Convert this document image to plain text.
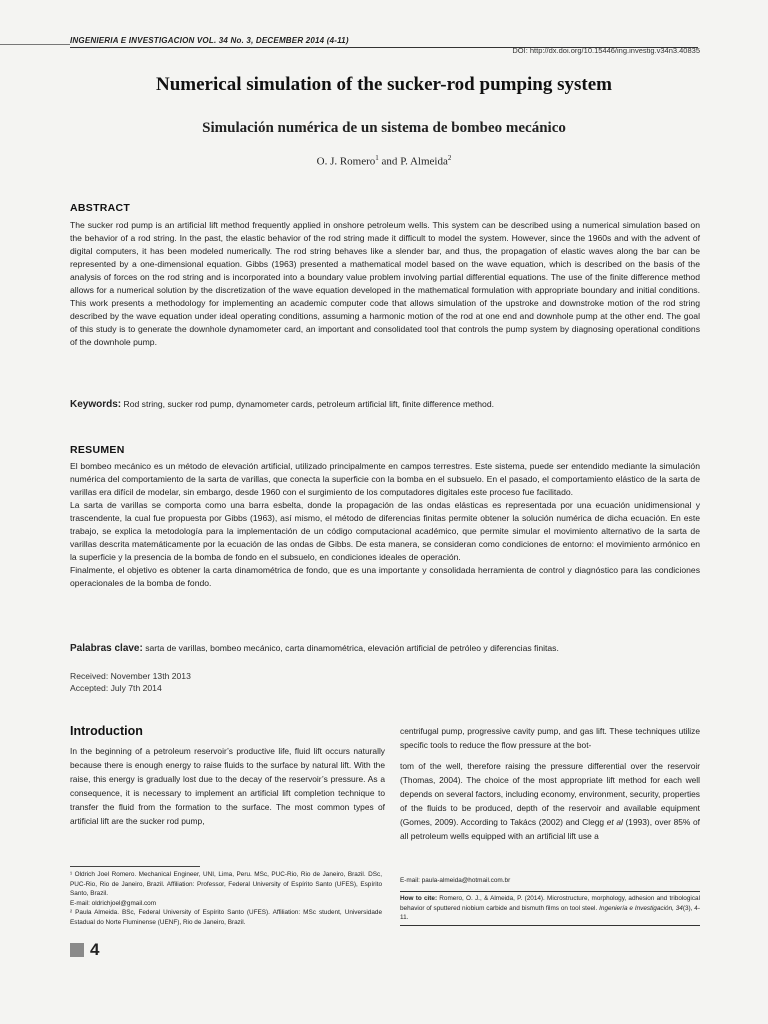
INGENIERIA E INVESTIGACION VOL. 34 No. 3, DECEMBER 2014 (4-11)
DOI: http://dx.doi.org/10.15446/ing.investig.v34n3.40835
Numerical simulation of the sucker-rod pumping system
Simulación numérica de un sistema de bombeo mecánico
O. J. Romero$^1$ and P. Almeida$^2$
ABSTRACT
The sucker rod pump is an artificial lift method frequently applied in onshore petroleum wells. This system can be described using a numerical simulation based on the behavior of a rod string. In the past, the elastic behavior of the rod string made it difficult to model the system. However, since the 1960s and with the advent of digital computers, it has been modeled numerically. The rod string behaves like a slender bar, and thus, the propagation of elastic waves along the bar can be represented by a one-dimensional equation. Gibbs (1963) presented a mathematical model based on the wave equation, which is described on the basis of the analysis of forces on the rod string and is incorporated into a boundary value problem involving partial differential equations. The use of the finite difference method allows for a numerical solution by the discretization of the wave equation developed in the mathematical formulation with appropriate boundary and initial conditions. This work presents a methodology for implementing an academic computer code that allows simulation of the upstroke and downstroke motion of the rod string described by the wave equation under ideal operating conditions, assuming a harmonic motion of the rod at one end and downhole pump at the other end. The goal of this study is to generate the downhole dynamometer card, an important and consolidated tool that controls the pump system by diagnosing operational conditions of the downhole pump.
Keywords: Rod string, sucker rod pump, dynamometer cards, petroleum artificial lift, finite difference method.
RESUMEN

El bombeo mecánico es un método de elevación artificial, utilizado principalmente en campos terrestres. Este sistema, puede ser entendido mediante la simulación numérica del comportamiento de la sarta de varillas, que conecta la superficie con la bomba en el subsuelo. En el pasado, el comportamiento elástico de la sarta de varillas era difícil de modelar, sin embargo, desde 1960 con el surgimiento de los computadores digitales este proceso fue facilitado.

La sarta de varillas se comporta como una barra esbelta, donde la propagación de las ondas elásticas es representada por una ecuación unidimensional y trascendente, la cual fue propuesta por Gibbs (1963), así mismo, el método de diferencias finitas permite obtener la solución numérica de dicha ecuación. En este trabajo, se explica la metodología para la implementación de un código computacional académico, que permite simular el movimiento alternativo de la sarta de varillas descrita matemáticamente por la ecuación de las ondas de Gibbs. De esta manera, se consideran como condiciones de entorno: el movimiento armónico en la superficie y la presencia de la bomba de fondo en el subsuelo, en condiciones ideales de operación.

Finalmente, el objetivo es obtener la carta dinamométrica de fondo, que es una importante y consolidada herramienta de control y diagnóstico para las condiciones operacionales de la bomba de fondo.

Palabras clave: sarta de varillas, bombeo mecánico, carta dinamométrica, elevación artificial de petróleo y diferencias finitas.
Received: November 13th 2013
Accepted: July 7th 2014
Introduction
In the beginning of a petroleum reservoir’s productive life, fluid lift occurs naturally because there is enough energy to raise fluids to the surface by natural lift. With the raise, this energy is gradually lost due to the decay of the reservoir’s pressure. As a consequence, it is necessary to implement an artificial lift completion technique to transfer the fluid from the formation to the surface. The most common types of artificial lift are the sucker rod pump,
centrifugal pump, progressive cavity pump, and gas lift. These techniques utilize specific tools to reduce the flow pressure at the bot-
tom of the well, therefore raising the pressure differential over the reservoir (Thomas, 2004). The choice of the most appropriate lift method for each well depends on several factors, including economy, environment, security, properties of the fluids to be produced, depth of the reservoir and available equipment (Gomes, 2009). According to Takács (2002) and Clegg et al (1993), over 85% of all petroleum wells equipped with an artificial lift use a

¹ Oldrich Joel Romero. Mechanical Engineer, UNI, Lima, Peru. MSc, PUC-Rio, Rio de Janeiro, Brazil. DSc, PUC-Rio, Rio de Janeiro, Brazil. Affiliation: Professor, Federal University of Espírito Santo (UFES), Espírito Santo, Brazil.

E-mail: oldrichjoel@gmail.com

² Paula Almeida. BSc, Federal University of Espírito Santo (UFES). Affiliation: MSc student, Universidade Estadual do Norte Fluminense (UENF), Rio de Janeiro, Brazil.

E-mail: paula-almeida@hotmail.com.br
How to cite: Romero, O. J., & Almeida, P. (2014). Microstructure, morphology, adhesion and tribological behavior of sputtered niobium carbide and bismuth films on tool steel. Ingeniería e Investigación, 34(3), 4-11.
4
